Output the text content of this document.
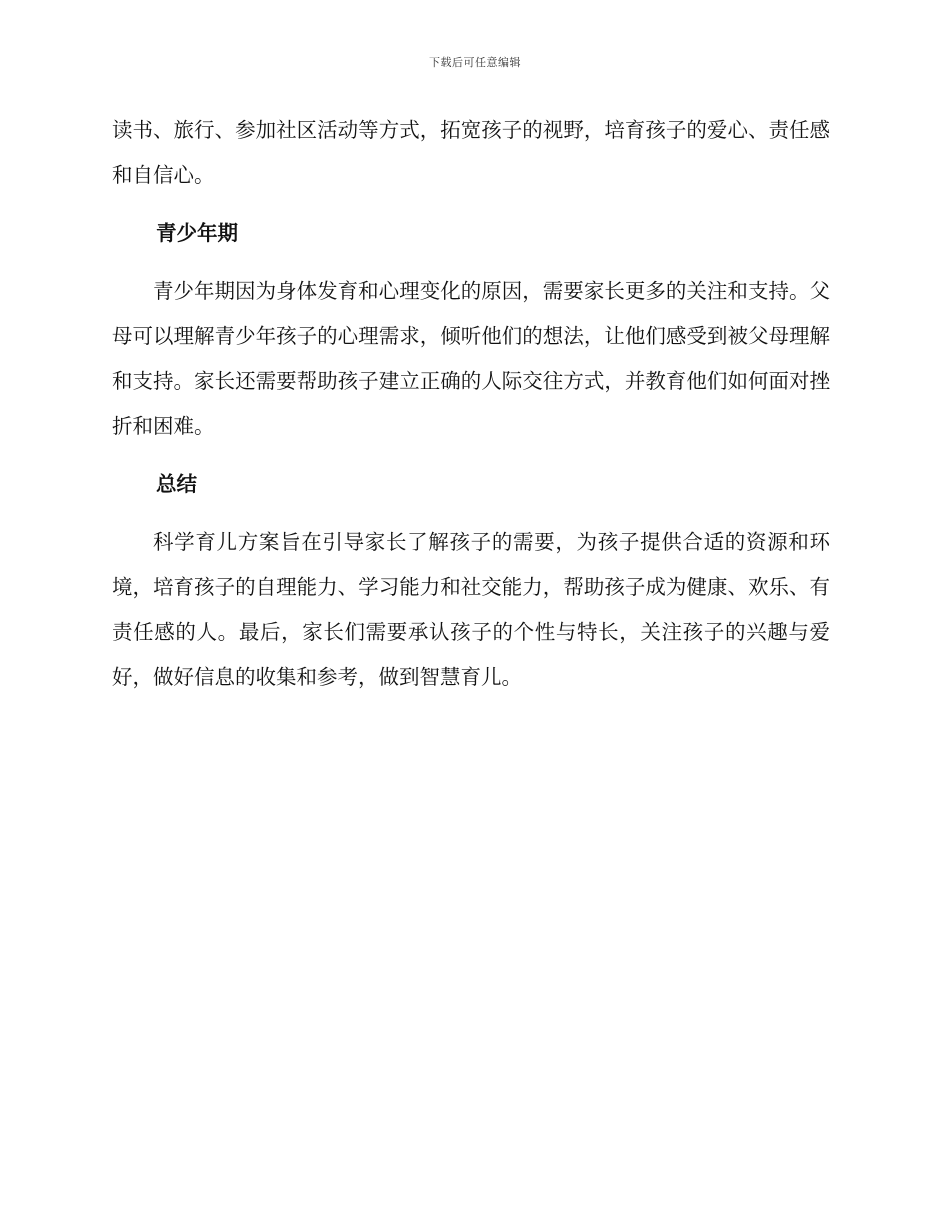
下载后可任意编辑

读书、旅行、参加社区活动等方式，拓宽孩子的视野，培育孩子的爱心、责任感和自信心。

青少年期

青少年期因为身体发育和心理变化的原因，需要家长更多的关注和支持。父母可以理解青少年孩子的心理需求，倾听他们的想法，让他们感受到被父母理解和支持。家长还需要帮助孩子建立正确的人际交往方式，并教育他们如何面对挫折和困难。

总结

科学育儿方案旨在引导家长了解孩子的需要，为孩子提供合适的资源和环境，培育孩子的自理能力、学习能力和社交能力，帮助孩子成为健康、欢乐、有责任感的人。最后，家长们需要承认孩子的个性与特长，关注孩子的兴趣与爱好，做好信息的收集和参考，做到智慧育儿。
